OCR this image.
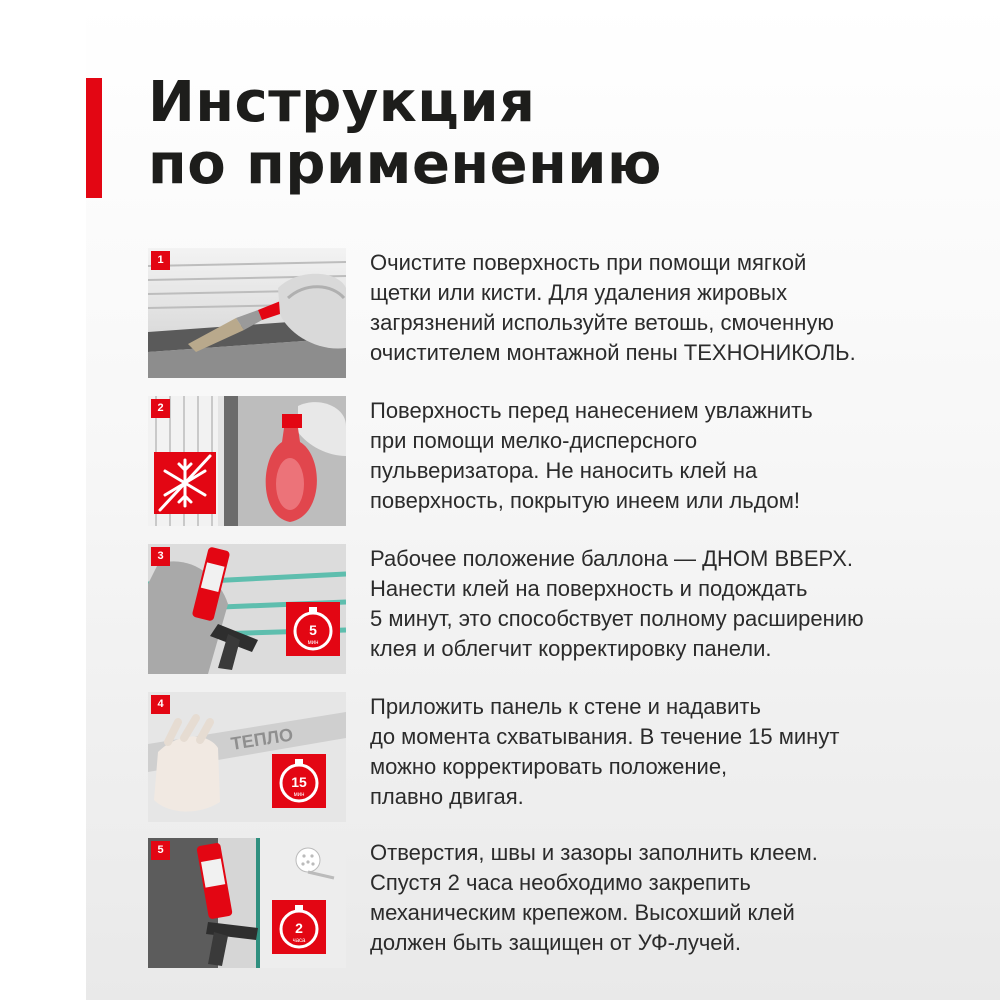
Инструкция
по применению
1	Очистите поверхность при помощи мягкой
щетки или кисти. Для удаления жировых
загрязнений используйте ветошь, смоченную
очистителем монтажной пены ТЕХНОНИКОЛЬ.

2	Поверхность перед нанесением увлажнить
при помощи мелко-дисперсного
пульверизатора. Не наносить клей на
поверхность, покрытую инеем или льдом!

3
5
мин

Рабочее положение баллона — ДНОМ ВВЕРХ.
Нанести клей на поверхность и подождать
5 минут, это способствует полному расширению
клея и облегчит корректировку панели.

4
ТЕПЛО
15
мин

Приложить панель к стене и надавить
до момента схватывания. В течение 15 минут
можно корректировать положение,
плавно двигая.

5
2
часа

Отверстия, швы и зазоры заполнить клеем.
Спустя 2 часа необходимо закрепить
механическим крепежом. Высохший клей
должен быть защищен от УФ-лучей.
